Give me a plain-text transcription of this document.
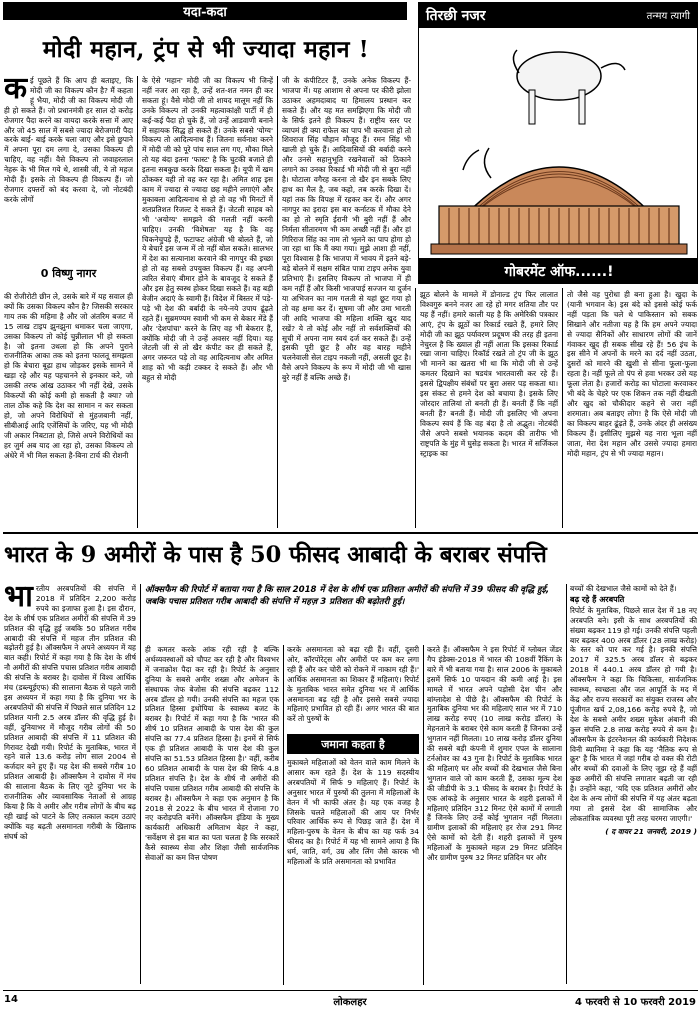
यदा-कदा	तिरछी नजर	तन्मय त्यागी
मोदी महान, ट्रंप से भी ज्यादा महान !
गोबरमेंट ऑफ......!
क ई पूछते हैं कि आप ही बताइए, कि मोदी जी का विकल्प कौन है? मैं कहता हूं भैया, मोदी जी का विकल्प मोदी जी ही हो सकते हैं। जो प्रधानमंत्री हर साल दो करोड़ रोजगार पैदा करने का वायदा करके सत्ता में आए और जो 45 साल में सबसे ज्यादा बेरोजगारी पैदा करके बाई- बाई करके चला जाए और इसे छुपाने में अपना पूरा दम लगा दे, उसका विकल्प ही चाहिए, वह नहीं। वैसे विकल्प तो जवाहरलाल नेहरू के भी मिल गये थे, शास्त्री जी, ये तो महज मोदी हैं। इसके तो विकल्प ही विकल्प हैं। जो रोजगार दफ्तरों को बंद करवा दे, जो नोटबंदी करके लोगों
0 विष्णु नागर
की रोजीरोटी छीन ले, उसके बारे में यह सवाल ही क्यों कि उसका विकल्प कौन है? जिसकी सरकार गाय तक की महिमा है और जो अंतरिम बजट में 15 लाख टाइप झुनझुना थमाकर चला जाएगा, उसका विकल्प तो कोई चुन्नीलाल भी हो सकता है। जो इतना उथला हो कि अपने पुराने राजनीतिक आका तक को इतना फालतू समझता हो कि बेचारा बूढ़ा हाथ जोड़कर इसके सामने में खड़ा रहे और यह पहचानने से इनकार करे, जो उसकी तरफ आंख उठाकर भी नहीं देखे, उसके विकल्पों की कोई कमी हो सकती है क्या? जो ताल ठोंक कहे कि देश का सामान न कर सकता हो, जो अपने विरोधियों से मुंहजबानी नहीं, सीबीआई आदि एजेंसियों के जरिए, यह भी मोदी जी अकार निबटाता हो, जिसे अपने विरोधियों का हर जुर्म अब याद आ रहा हो, उसका विकल्प तो अंधेरे में भी मिल सकता है-बिना टार्च की रोशनी
के ऐसे 'महान' मोदी जी का विकल्प भी जिन्हें नहीं नजर आ रहा है, उन्हें शत-शत नमन ही कर सकता हूं। वैसे मोदी जी तो शायद मालूम नहीं कि उनके विकल्प तो उनकी महत्वाकांक्षी पार्टी में ही कई-कई पैदा हो चुके हैं, जो उन्हें आडवाणी बनाने में सहायक सिद्ध हो सकते हैं। उनके सबसे 'योग्य' विकल्प तो आदित्यनाथ हैं। जितना सर्वनाश करने में मोदी जी को पूरे पांच साल लग गए, मौका मिले तो यह बंदा इतना 'फास्ट' है कि चुटकी बजाते ही इतना सबकुछ करके दिखा सकता है। यूपी में खम ठोंककर यही तो वह कर रहा है। अमित शाह इस काम में ज्यादा से ज्यादा छह महीने लगाएंगे और मुकाबला आदित्यनाथ से हो तो वह भी मिनटों में शतप्रतिशत रिजल्ट दे सकते हैं। जेटली साहब को भी 'अयोग्य' समझने की गलती नहीं करनी चाहिए। उनकी 'विशेषता' यह है कि वह चिकनेचुपड़े हैं, फटाफट अंग्रेजी भी बोलते हैं, जो ये बेचारे इस जन्म में तो नहीं बोल सकते। सालभर में देश का सत्यानाश करवाने की नागपुर की इच्छा हो तो वह सबसे उपयुक्त विकल्प हैं। वह अपनी त्वरित सेवाएं बीमार होने के बावजूद दे सकते हैं और इस हेतु स्वस्थ होकर दिखा सकते हैं। वह बड़ी बेजीन अदाएं के स्वामी हैं। विदेश में बिस्तर में पड़े-पड़े भी देश की बर्बादी के नये-नये उपाय ढूंढ़ते रहते हैं। सुब्रमण्यम स्वामी भी कम से बेकार मेंडे हैं और 'देशपांचा' करने के लिए वह भी बेकरार हैं, क्योंकि मोदी जी ने उन्हें अवसर नहीं दिया। यह जेटली जी से तो खैर कंपीट कर ही सकते हैं, अगर जरूरत पड़े तो वह आदित्यनाथ और अमित शाह को भी कड़ी टक्कर दे सकते हैं। और भी बहुत से मोदी
जी के कंपीटिटर हैं, उनके अनेक विकल्प हैं- भाजपा में। यह आशाम से अपना पर कीरी झोला उठाकर अहमदाबाद या हिमालय प्रस्थान कर सकते हैं। और यह मत समझिएगा कि मोदी जी के सिर्फ इतने ही विकल्प हैं। राष्ट्रीय स्तर पर व्यापमं ही क्या राफेल का पाप भी करवाना हो तो शिवराज सिंह चौहान मौजूद हैं। रमन सिंह भी खाली हो चुके हैं। आदिवासियों की बर्बादी करने और उनसे सहानुभूति रखनेवालों को ठिकाने लगाने का उनका रिकार्ड भी मोदी जी से बुरा नहीं है। घोटाला वगैरह करना तो खैर इन सबके लिए हाथ का मैल है, जब कहो, तब करके दिखा दें। यहां तक कि विपक्ष में रहकर कर दें। और अगर नागपुर का इरादा इस बार कर्नाटक में मौका देने का हो तो स्मृति ईरानी भी बुरी नहीं हैं और निर्मला सीतारमण भी कम अच्छी नहीं हैं। और हां गिरिराज सिंह का नाम तो भूलने का पाप होगा हो जा रहा था कि मैं क्या गया। मुझे आशा ही नहीं, पूरा विश्वास है कि भाजपा में भावय में इतने बड़े-बड़े बोलने में सक्षम संबित पात्रा टाइप अनेक युवा प्रतिभाएं हैं। इसलिए विकल्प तो भाजपा में ही कम नहीं हैं और किसी भाजपाई सज्जन या दुर्जन या अभिजन का नाम गलती से यहां छूट गया हो तो वह क्षमा कर दें। सुषमा जी और उमा भारती जी आदि भाजपा की महिला शक्ति खुद याद रखें? ये तो कोई और नहीं तो सर्वशक्तियों की सूची में अपना नाम स्वयं दर्ज कर सकते हैं। उन्हें इसकी पूरी छूट है और वह बारह महीने चलनेवाली सेल टाइप नकली नहीं, असली छूट है। वैसे अपने विकल्प के रूप में मोदी जी भी खास बुरे नहीं हैं बल्कि अच्छे हैं।
झूठ बोलने के मामले में डोनाल्ड ट्रंप फिर लालात विश्वगुरु बनने नजर आ रहे हो मगर शतिया तौर पर यह हैं नहीं। हमारे काली यह है कि अमेरिकी पत्रकार आएं, ट्रंप के झूठों का रिकार्ड रखते हैं, हमारे लिए मोदी जी का झूठ पर्यावरण प्रदूषण की तरह ही इतना नेचुरल है कि ख्याल ही नहीं आता कि इसका रिकार्ड रखा जाना चाहिए। रिकॉर्ड रखते तो ट्रंप जी के झूठ भी मानने का खतरा भी था कि मोदी जी से उन्हें कमतर दिखाने का षडयंत्र भारतवासी कर रहे हैं। इससे द्विपक्षीय संबंधों पर बुरा असर पड़ सकता था। इस संकट से हमने देश को बचाया है। इसके लिए जोरदार तालियां तो बनती ही हैं। बनती हैं कि नहीं बनती हैं? बनती हैं। मोदी जी इसलिए भी अपना विकल्प स्वयं हैं कि वह बंदा है तो अद्भुत। नोटबंदी जैसे अपने सबसे भयानक कदम की तारीफ भी राष्ट्रपति के मुंह में घुसेड़ सकता है। भारत में सर्जिकल स्ट्राइक का
तो जैसे वह पुरोधा ही बना हुआ है। खुदा के (यानी भगवान के) इस बंदे को इससे कोई फर्क नहीं पड़ता कि चले थे पाकिस्तान को सबक सिखाने और नतीजा यह है कि हम अपने ज्यादा से ज्यादा सैनिकों और साधारण लोगों की जानें गंवाकर खुद ही सबक सीख रहे हैं! 56 इंच के इस सीने में अपनों के मरने का दर्द नहीं उठता, दुसरों को मारने की खुशी से सीना फूला-फूला रहता है। नहीं फूले तो पंप से हवा भरकर उसे यह फूला लेता है। हजारों करोड़ का घोटाला करवाकर भी बंदे के चेहरे पर एक शिकन तक नहीं दीखती और खुद को चौकीदार कहने से जरा नहीं शरमाता। अब बताइए लोग! है कि ऐसे मोदी जी का विकल्प बाहर ढूंढ़ते हैं, उनके अंदर ही असंख्य विकल्प हैं। इसीलिए मुझसे यह नारा भूला नहीं जाता, मेरा देश महान और उससे ज्यादा हमारा मोदी महान, ट्रंप से भी ज्यादा महान।
भारत के 9 अमीरों के पास है 50 फीसद आबादी के बराबर संपत्ति
भा रतीय अरबपतियों की संपत्ति में 2018 में प्रतिदिन 2,200 करोड़ रुपये का इजाफा हुआ है। इस दौरान, देश के शीर्ष एक प्रतिशत अमीरों की संपत्ति में 39 प्रतिशत की वृद्धि हुई जबकि 50 प्रतिशत गरीब आबादी की संपत्ति में महज तीन प्रतिशत की बढ़ोतरी हुई है। ऑक्सफैम ने अपने अध्ययन में यह बात कही। रिपोर्ट में कहा गया है कि देश के शीर्ष नौ अमीरों की संपत्ति पचास प्रतिशत गरीब आबादी की संपत्ति के बराबर है। दावोस में विश्व आर्थिक मंच (डब्ल्यूईएफ) की सालाना बैठक से पहले जारी इस अध्ययन में कहा गया है कि दुनिया भर के अरबपतियों की संपत्ति में पिछले साल प्रतिदिन 12 प्रतिशत यानी 2.5 अरब डॉलर की वृद्धि हुई है। वहीं, दुनियाभर में मौजूद गरीब लोगों की 50 प्रतिशत आबादी की संपत्ति में 11 प्रतिशत की गिरावट देखी गयी। रिपोर्ट के मुताबिक, भारत में रहने वाले 13.6 करोड़ लोग साल 2004 से कर्जदार बने हुए हैं। यह देश की सबसे गरीब 10 प्रतिशत आबादी है। ऑक्सफैम ने दावोस में मंच की सालाना बैठक के लिए जुटे दुनिया भर के राजनीतिक और व्यावसायिक नेताओं से आग्रह किया है कि वे अमीर और गरीब लोगों के बीच बढ़ रही खाई को पाटने के लिए तत्काल कदम उठाएं क्योंकि यह बढ़ती असमानता गरीबी के खिलाफ संघर्ष को
ऑक्सफैम की रिपोर्ट में बताया गया है कि साल 2018 में देश के शीर्ष एक प्रतिशत अमीरों की संपत्ति में 39 फीसद की वृद्धि हुई, जबकि पचास प्रतिशत गरीब आबादी की संपत्ति में महज़ 3 प्रतिशत की बढ़ोतरी हुई।
ही कमतर करके आंक रही रही है बल्कि अर्थव्यवस्थाओं को चौपट कर रही है और विश्वभर में जनाक्रोश पैदा कर रही है। रिपोर्ट के अनुसार दुनिया के सबसे अमीर शख्स और अमेजन के संस्थापक जेफ बेजोस की संपत्ति बढ़कर 112 अरब डॉलर हो गयी। उनकी संपत्ति का महज एक प्रतिशत हिस्सा इथोपिया के स्वास्थ्य बजट के बराबर है। रिपोर्ट में कहा गया है कि 'भारत की शीर्ष 10 प्रतिशत आबादी के पास देश की कुल संपत्ति का 77.4 प्रतिशत हिस्सा है। इनमें से सिर्फ एक ही प्रतिशत आबादी के पास देश की कुल संपत्ति का 51.53 प्रतिशत हिस्सा है।' वहीं, करीब 60 प्रतिशत आबादी के पास देश की सिर्फ 4.8 प्रतिशत संपत्ति है। देश के शीर्ष नौ अमीरों की संपत्ति पचास प्रतिशत गरीब आबादी की संपत्ति के बराबर है। ऑक्सफैम ने कहा एक अनुमान है कि 2018 से 2022 के बीच भारत में रोजाना 70 नए करोड़पति बनेंगे। ऑक्सफैम इंडिया के मुख्य कार्यकारी अधिकारी अमिताभ बेहर ने कहा, 'सर्वेक्षण से इस बात का पता चलता है कि सरकारें कैसे स्वास्थ्य सेवा और शिक्षा जैसी सार्वजनिक सेवाओं का कम वित्त पोषण
करके असमानता को बढ़ा रही हैं। वहीं, दूसरी ओर, कॉरपोरेट्स और अमीरों पर कम कर लगा रही हैं और कर चोरी को रोकने में नाकाम रही हैं।' आर्थिक असमानता का शिकार हैं महिलाएं। रिपोर्ट के मुताबिक भारत समेत दुनिया भर में आर्थिक असमानता बढ़ रही है और इससे सबसे ज्यादा महिलाएं प्रभावित हो रही हैं। अगर भारत की बात करें तो पुरुषों के
जमाना कहता है
मुकाबले महिलाओं को वेतन वाले काम मिलने के आसार कम रहते हैं। देश के 119 सदस्यीय अरबपतियों में सिर्फ 9 महिलाएं हैं। रिपोर्ट के अनुसार भारत में पुरुषों की तुलना में महिलाओं के वेतन में भी काफी अंतर है। यह एक वजह है जिसके चलते महिलाओं की आय पर निर्भर परिवार आर्थिक रूप से पिछड़ जाते हैं। देश में महिला-पुरुष के वेतन के बीच का यह फर्क 34 फीसद का है। रिपोर्ट में यह भी सामने आया है कि धर्म, जाति, वर्ग, उम्र और लिंग जैसे कारक भी महिलाओं के प्रति असमानता को प्रभावित
करते हैं। ऑक्सफैम ने इस रिपोर्ट में ग्लोबल जेंडर गैप इंडेक्स-2018 में भारत की 108वीं रैंकिंग के बारे में भी बताया गया है। साल 2006 के मुकाबले इसमें सिर्फ 10 पायदान की कमी आई है। इस मामले में भारत अपने पड़ोसी देश चीन और बांग्लादेश से पीछे है। ऑक्सफैम की रिपोर्ट के मुताबिक दुनिया भर की महिलाएं साल भर में 710 लाख करोड़ रुपए (10 लाख करोड़ डॉलर) के मेहनताने के बराबर ऐसे काम करती हैं जिनका उन्हें भुगतान नहीं मिलता। 10 लाख करोड़ डॉलर दुनिया की सबसे बड़ी कंपनी में शुमार एपल के सालाना टर्नओवर का 43 गुना है। रिपोर्ट के मुताबिक भारत की महिलाएं घर और बच्चों की देखभाल जैसे बिना भुगतान वाले जो काम करती हैं, उसका मूल्य देश की जीडीपी के 3.1 फीसद के बराबर है। रिपोर्ट के एक आंकड़े के अनुसार भारत के शहरी इलाकों में महिलाएं प्रतिदिन 312 मिनट ऐसे कामों में लगाती हैं जिनके लिए उन्हें कोई भुगतान नहीं मिलता। ग्रामीण इलाकों की महिलाएं हर रोज 291 मिनट ऐसे कामों को देती हैं। शहरी इलाकों में पुरुष महिलाओं के मुकाबले महज 29 मिनट प्रतिदिन और ग्रामीण पुरुष 32 मिनट प्रतिदिन घर और
बच्चों की देखभाल जैसे कामों को देते हैं।
बढ़ रहे हैं अरबपति
रिपोर्ट के मुताबिक, पिछले साल देश में 18 नए अरबपति बने। इसी के साथ अरबपतियों की संख्या बढ़कर 119 हो गई। उनकी संपत्ति पहली बार बढ़कर 400 अरब डॉलर (28 लाख करोड़) के स्तर को पार कर गई है। इनकी संपत्ति 2017 में 325.5 अरब डॉलर से बढ़कर 2018 में 440.1 अरब डॉलर हो गयी है। ऑक्सफैम ने कहा कि चिकित्सा, सार्वजनिक स्वास्थ्य, स्वच्छता और जल आपूर्ति के मद में केंद्र और राज्य सरकारों का संयुक्त राजस्व और पूंजीगत खर्च 2,08,166 करोड़ रुपये है, जो देश के सबसे अमीर शख्स मुकेश अंबानी की कुल संपत्ति 2.8 लाख करोड़ रुपये से कम है। ऑक्सफैम के इंटरनेशनल की कार्यकारी निदेशक विनी ब्यानिमा ने कहा कि यह 'नैतिक रूप से क्रूर' है कि भारत में जहां गरीब दो वक्त की रोटी और बच्चों की दवाओं के लिए जूझ रहे हैं वहीं कुछ अमीरों की संपत्ति लगातार बढ़ती जा रही है। उन्होंने कहा, 'यदि एक प्रतिशत अमीरों और देश के अन्य लोगों की संपत्ति में यह अंतर बढ़ता गया तो इससे देश की सामाजिक और लोकतांत्रिक व्यवस्था पूरी तरह चरमरा जाएगी।'
( द वायर 21 जनवरी, 2019 )
14	लोकलहर	4 फरवरी से 10 फरवरी 2019
